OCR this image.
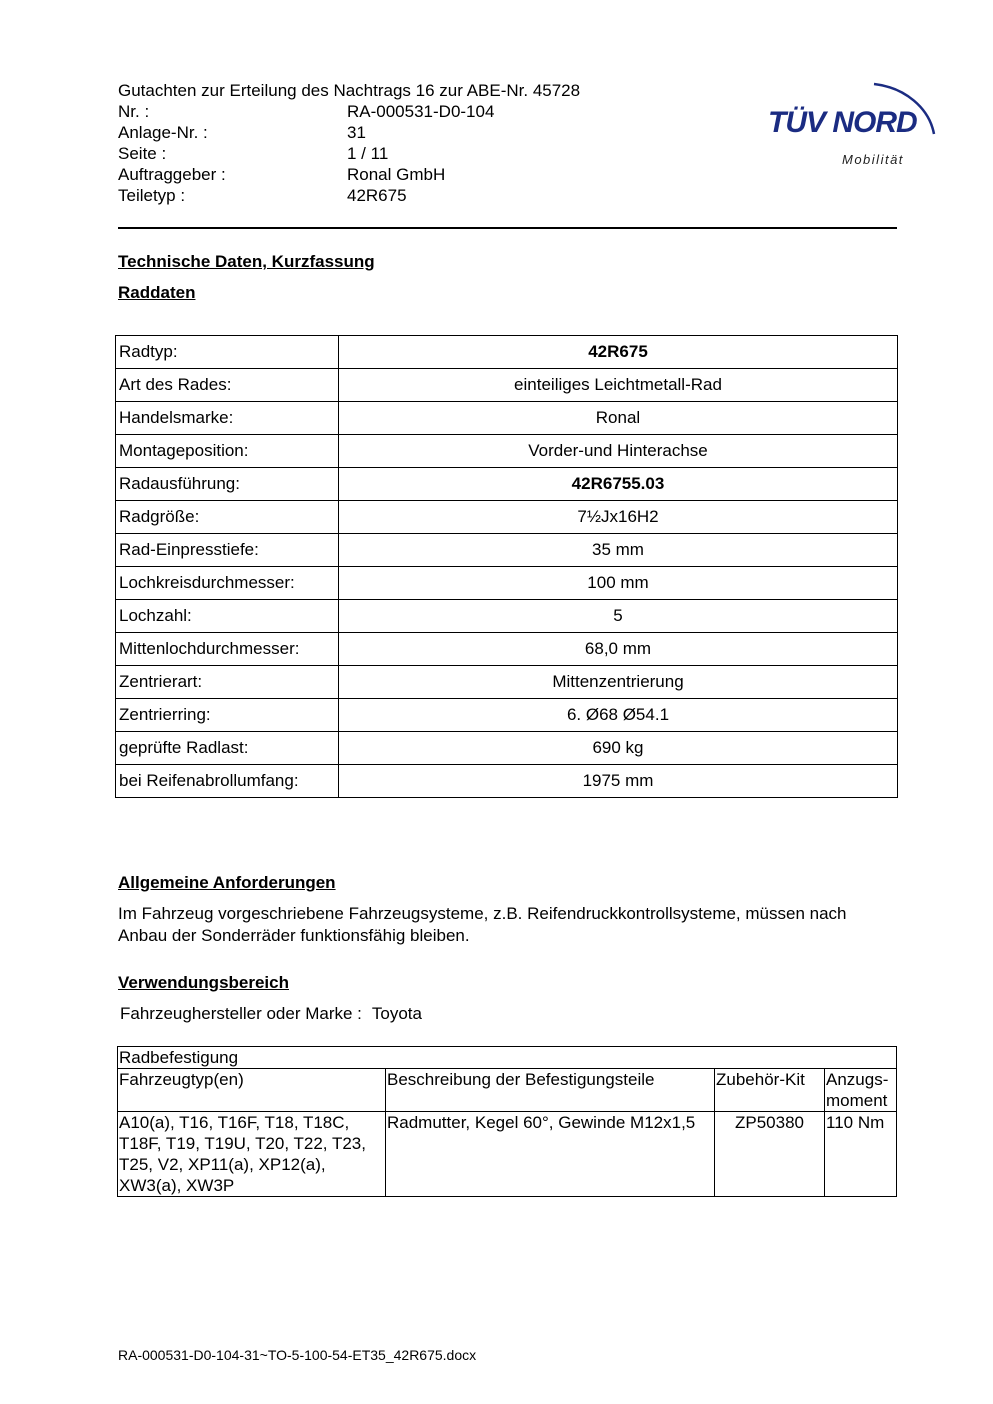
Gutachten zur Erteilung des Nachtrags 16 zur ABE-Nr. 45728
Nr. :	RA-000531-D0-104
Anlage-Nr. :	31
Seite :	1 / 11
Auftraggeber :	Ronal GmbH
Teiletyp :	42R675
TÜV NORD
Mobilität
Technische Daten, Kurzfassung
Raddaten
Radtyp:	42R675
Art des Rades:	einteiliges Leichtmetall-Rad
Handelsmarke:	Ronal
Montageposition:	Vorder-und Hinterachse
Radausführung:	42R6755.03
Radgröße:	7½Jx16H2
Rad-Einpresstiefe:	35 mm
Lochkreisdurchmesser:	100 mm
Lochzahl:	5
Mittenlochdurchmesser:	68,0 mm
Zentrierart:	Mittenzentrierung
Zentrierring:	6. Ø68 Ø54.1
geprüfte Radlast:	690 kg
bei Reifenabrollumfang:	1975 mm
Allgemeine Anforderungen
Im Fahrzeug vorgeschriebene Fahrzeugsysteme, z.B. Reifendruckkontrollsysteme, müssen nach Anbau der Sonderräder funktionsfähig bleiben.
Verwendungsbereich
Fahrzeughersteller oder Marke : Toyota
Radbefestigung			
Fahrzeugtyp(en)	Beschreibung der Befestigungsteile	Zubehör-Kit	Anzugs- moment
A10(a), T16, T16F, T18, T18C, T18F, T19, T19U, T20, T22, T23, T25, V2, XP11(a), XP12(a), XW3(a), XW3P	Radmutter, Kegel 60°, Gewinde M12x1,5	ZP50380	110 Nm
RA-000531-D0-104-31~TO-5-100-54-ET35_42R675.docx
